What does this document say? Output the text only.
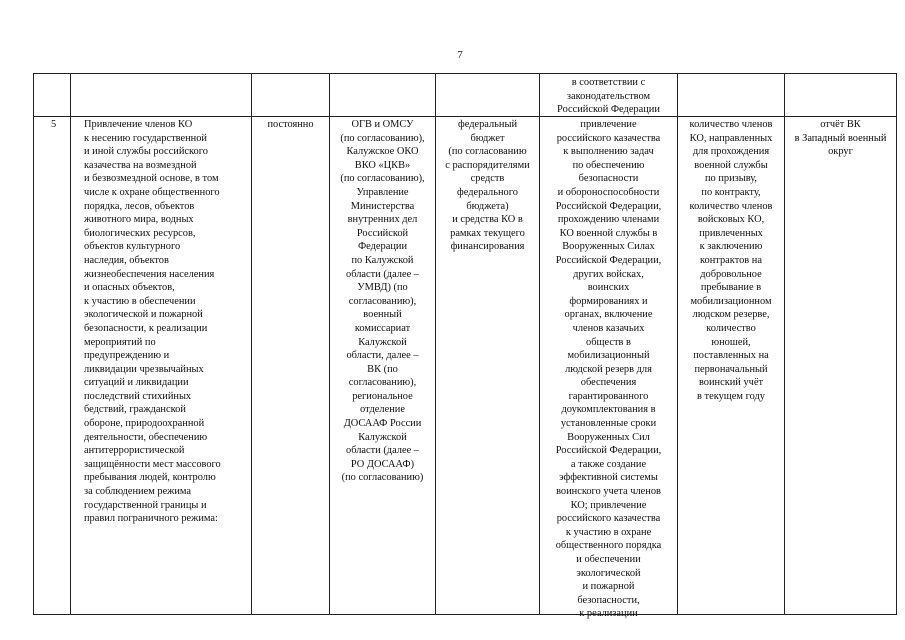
7
в соответствии с
законодательством
Российской Федерации
5	Привлечение членов КО
к несению государственной
и иной службы российского
казачества на возмездной
и безвозмездной основе, в том
числе к охране общественного
порядка, лесов, объектов
животного мира, водных
биологических ресурсов,
объектов культурного
наследия, объектов
жизнеобеспечения населения
и опасных объектов,
к участию в обеспечении
экологической и пожарной
безопасности, к реализации
мероприятий по
предупреждению и
ликвидации чрезвычайных
ситуаций и ликвидации
последствий стихийных
бедствий, гражданской
обороне, природоохранной
деятельности, обеспечению
антитеррористической
защищённости мест массового
пребывания людей, контролю
за соблюдением режима
государственной границы и
правил пограничного режима:
постоянно	ОГВ и ОМСУ
(по согласованию),
Калужское ОКО
ВКО «ЦКВ»
(по согласованию),
Управление
Министерства
внутренних дел
Российской
Федерации
по Калужской
области (далее –
УМВД) (по
согласованию),
военный
комиссариат
Калужской
области, далее –
ВК (по
согласованию),
региональное
отделение
ДОСААФ России
Калужской
области (далее –
РО ДОСААФ)
(по согласованию)
федеральный
бюджет
(по согласованию
с распорядителями
средств
федерального
бюджета)
и средства КО в
рамках текущего
финансирования
привлечение
российского казачества
к выполнению задач
по обеспечению
безопасности
и обороноспособности
Российской Федерации,
прохождению членами
КО военной службы в
Вооруженных Силах
Российской Федерации,
других войсках,
воинских
формированиях и
органах, включение
членов казачьих
обществ в
мобилизационный
людской резерв для
обеспечения
гарантированного
доукомплектования в
установленные сроки
Вооруженных Сил
Российской Федерации,
а также создание
эффективной системы
воинского учета членов
КО; привлечение
российского казачества
к участию в охране
общественного порядка
и обеспечении
экологической
и пожарной
безопасности,
к реализации
количество членов
КО, направленных
для прохождения
военной службы
по призыву,
по контракту,
количество членов
войсковых КО,
привлеченных
к заключению
контрактов на
добровольное
пребывание в
мобилизационном
людском резерве,
количество
юношей,
поставленных на
первоначальный
воинский учёт
в текущем году
отчёт ВК
в Западный военный
округ
